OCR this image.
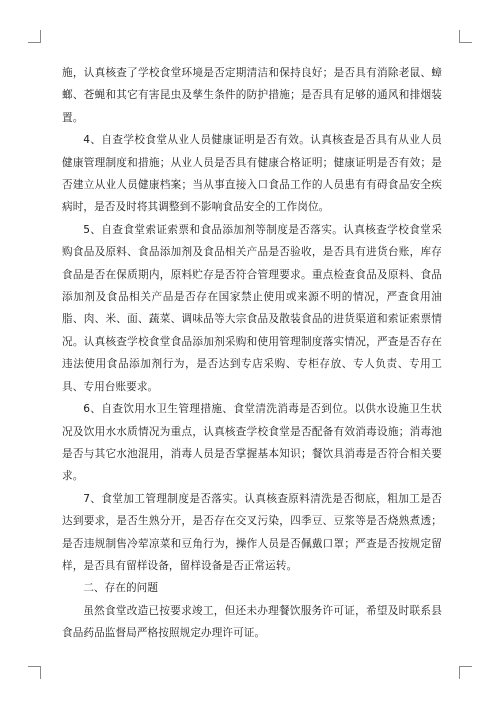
施，认真核查了学校食堂环境是否定期清洁和保持良好；是否具有消除老鼠、蟑螂、苍蝇和其它有害昆虫及孳生条件的防护措施；是否具有足够的通风和排烟装置。

4、自查学校食堂从业人员健康证明是否有效。认真核查是否具有从业人员健康管理制度和措施；从业人员是否具有健康合格证明；健康证明是否有效；是否建立从业人员健康档案；当从事直接入口食品工作的人员患有有碍食品安全疾病时，是否及时将其调整到不影响食品安全的工作岗位。

5、自查食堂索证索票和食品添加剂等制度是否落实。认真核查学校食堂采购食品及原料、食品添加剂及食品相关产品是否验收，是否具有进货台账，库存食品是否在保质期内，原料贮存是否符合管理要求。重点检查食品及原料、食品添加剂及食品相关产品是否存在国家禁止使用或来源不明的情况，严查食用油脂、肉、米、面、蔬菜、调味品等大宗食品及散装食品的进货渠道和索证索票情况。认真核查学校食堂食品添加剂采购和使用管理制度落实情况，严查是否存在违法使用食品添加剂行为，是否达到专店采购、专柜存放、专人负责、专用工具、专用台账要求。

6、自查饮用水卫生管理措施、食堂清洗消毒是否到位。以供水设施卫生状况及饮用水水质情况为重点，认真核查学校食堂是否配备有效消毒设施；消毒池是否与其它水池混用，消毒人员是否掌握基本知识；餐饮具消毒是否符合相关要求。

7、食堂加工管理制度是否落实。认真核查原料清洗是否彻底，粗加工是否达到要求，是否生熟分开，是否存在交叉污染，四季豆、豆浆等是否烧熟煮透；是否违规制售冷荤凉菜和豆角行为，操作人员是否佩戴口罩；严查是否按规定留样，是否具有留样设备，留样设备是否正常运转。

二、存在的问题

虽然食堂改造已按要求竣工，但还未办理餐饮服务许可证，希望及时联系县食品药品监督局严格按照规定办理许可证。
